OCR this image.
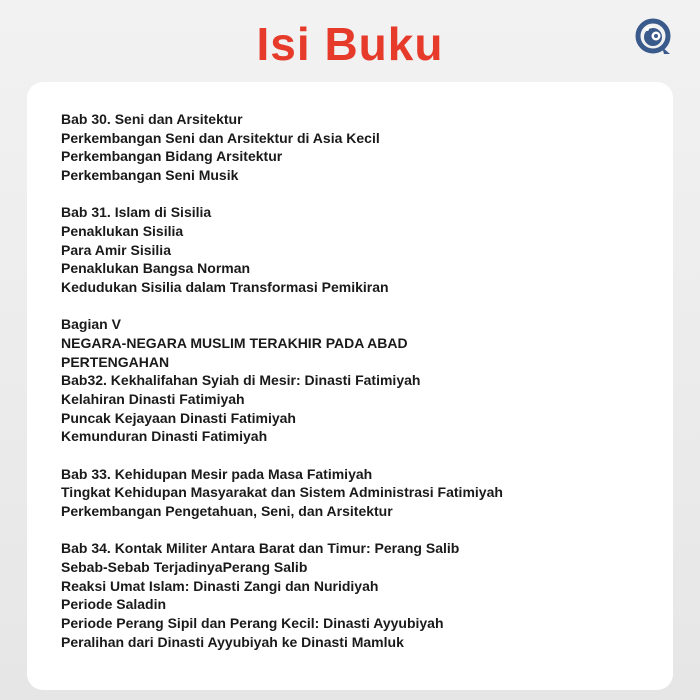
Isi Buku
Bab 30. Seni dan Arsitektur
Perkembangan Seni dan Arsitektur di Asia Kecil
Perkembangan Bidang Arsitektur
Perkembangan Seni Musik
Bab 31. Islam di Sisilia
Penaklukan Sisilia
Para Amir Sisilia
Penaklukan Bangsa Norman
Kedudukan Sisilia dalam Transformasi Pemikiran
Bagian V
NEGARA-NEGARA MUSLIM TERAKHIR PADA ABAD
PERTENGAHAN
Bab32. Kekhalifahan Syiah di Mesir: Dinasti Fatimiyah
Kelahiran Dinasti Fatimiyah
Puncak Kejayaan Dinasti Fatimiyah
Kemunduran Dinasti Fatimiyah
Bab 33. Kehidupan Mesir pada Masa Fatimiyah
Tingkat Kehidupan Masyarakat dan Sistem Administrasi Fatimiyah
Perkembangan Pengetahuan, Seni, dan Arsitektur
Bab 34. Kontak Militer Antara Barat dan Timur: Perang Salib
Sebab-Sebab TerjadinyaPerang Salib
Reaksi Umat Islam: Dinasti Zangi dan Nuridiyah
Periode Saladin
Periode Perang Sipil dan Perang Kecil: Dinasti Ayyubiyah
Peralihan dari Dinasti Ayyubiyah ke Dinasti Mamluk
